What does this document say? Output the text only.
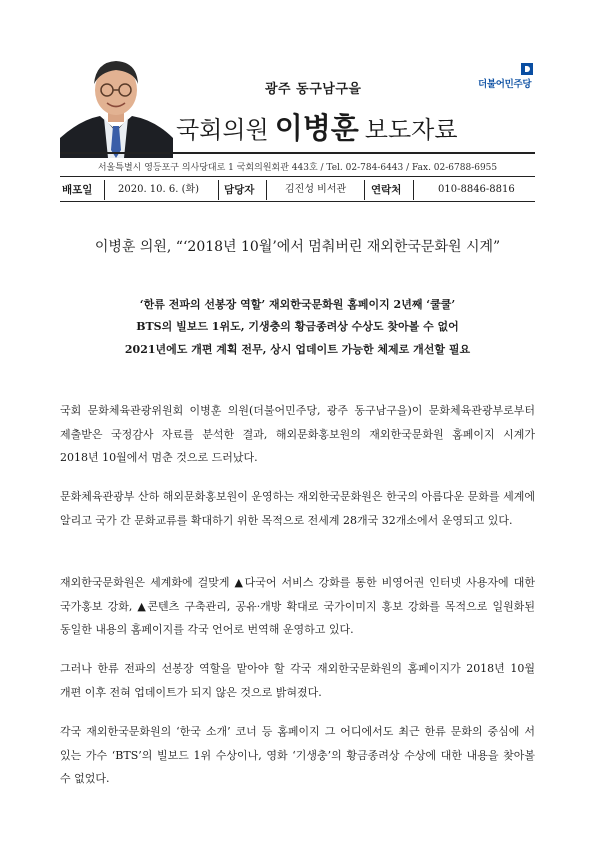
광주 동구남구을
국회의원 이병훈 보도자료
더불어민주당
서울특별시 영등포구 의사당대로 1 국회의원회관 443호 / Tel. 02-784-6443 / Fax. 02-6788-6955
배포일	2020. 10. 6. (화) 담당자	김진성 비서관 연락처	010-8846-8816
이병훈 의원, “‘2018년 10월’에서 멈춰버린 재외한국문화원 시계”
‘한류 전파의 선봉장 역할’ 재외한국문화원 홈페이지 2년째 ‘쿨쿨’
BTS의 빌보드 1위도, 기생충의 황금종려상 수상도 찾아볼 수 없어
2021년에도 개편 계획 전무, 상시 업데이트 가능한 체제로 개선할 필요
국회 문화체육관광위원회 이병훈 의원(더불어민주당, 광주 동구남구을)이 문화체육관광부로부터 제출받은 국정감사 자료를 분석한 결과, 해외문화홍보원의 재외한국문화원 홈페이지 시계가 2018년 10월에서 멈춘 것으로 드러났다.
문화체육관광부 산하 해외문화홍보원이 운영하는 재외한국문화원은 한국의 아름다운 문화를 세계에 알리고 국가 간 문화교류를 확대하기 위한 목적으로 전세계 28개국 32개소에서 운영되고 있다.
재외한국문화원은 세계화에 걸맞게 ▲다국어 서비스 강화를 통한 비영어권 인터넷 사용자에 대한 국가홍보 강화, ▲콘텐츠 구축관리, 공유·개방 확대로 국가이미지 홍보 강화를 목적으로 일원화된 동일한 내용의 홈페이지를 각국 언어로 번역해 운영하고 있다.
그러나 한류 전파의 선봉장 역할을 맡아야 할 각국 재외한국문화원의 홈페이지가 2018년 10월 개편 이후 전혀 업데이트가 되지 않은 것으로 밝혀졌다.
각국 재외한국문화원의 ‘한국 소개’ 코너 등 홈페이지 그 어디에서도 최근 한류 문화의 중심에 서 있는 가수 ‘BTS’의 빌보드 1위 수상이나, 영화 ‘기생충’의 황금종려상 수상에 대한 내용을 찾아볼 수 없었다.
